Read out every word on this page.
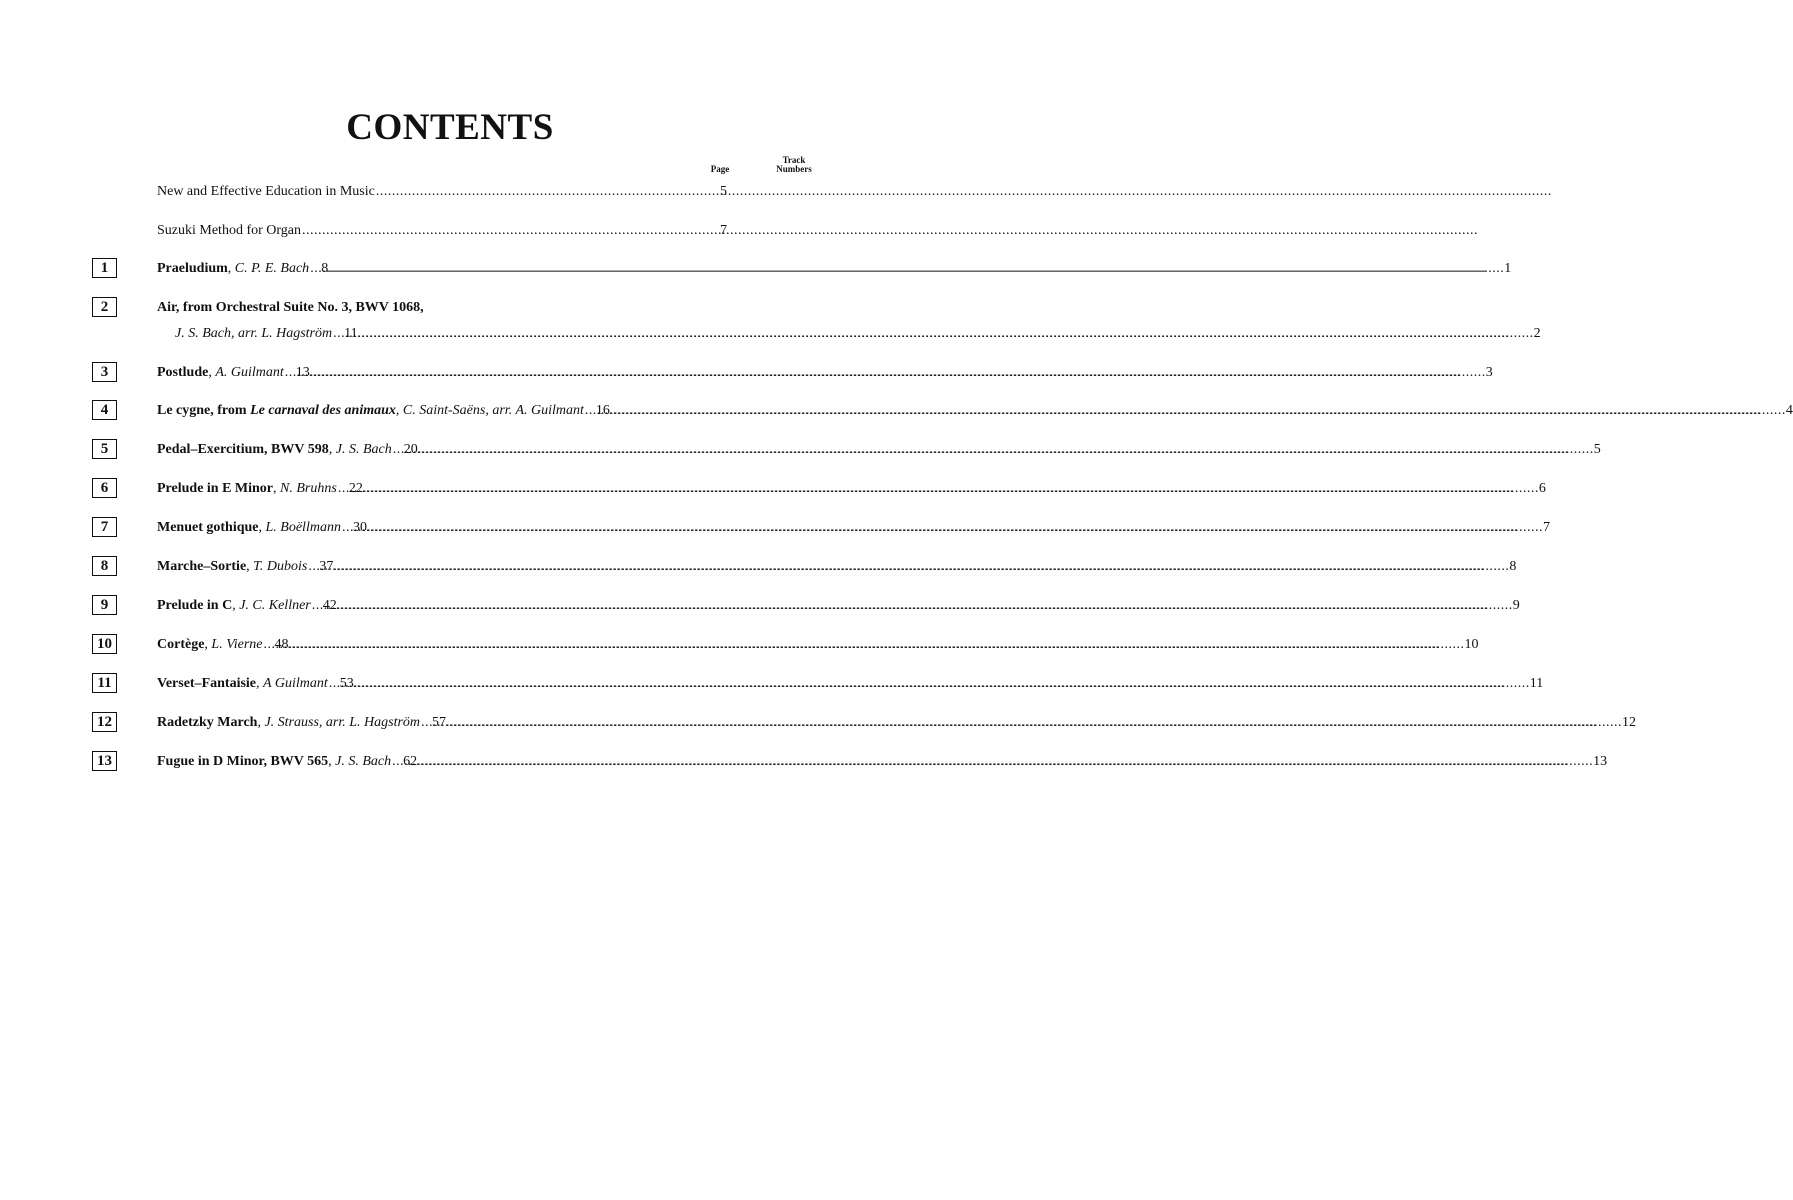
CONTENTS
Page
Track
Numbers
New and Effective Education in Music .....	5
Suzuki Method for Organ .....	7
1	Praeludium, C. P. E. Bach ..... 8 .....	1
2	Air, from Orchestral Suite No. 3, BWV 1068,
J. S. Bach, arr. L. Hagström ..... 11 .....	2
3	Postlude, A. Guilmant ..... 13 .....	3
4	Le cygne, from Le carnaval des animaux, C. Saint-Saëns, arr. A. Guilmant ..... 16 .....	4
5	Pedal–Exercitium, BWV 598, J. S. Bach ..... 20 .....	5
6	Prelude in E Minor, N. Bruhns ..... 22 .....	6
7	Menuet gothique, L. Boëllmann ..... 30 .....	7
8	Marche–Sortie, T. Dubois ..... 37 .....	8
9	Prelude in C, J. C. Kellner ..... 42 .....	9
10	Cortège, L. Vierne ..... 48 .....	10
11	Verset–Fantaisie, A Guilmant ..... 53 .....	11
12	Radetzky March, J. Strauss, arr. L. Hagström ..... 57 .....	12
13	Fugue in D Minor, BWV 565, J. S. Bach ..... 62 .....	13
